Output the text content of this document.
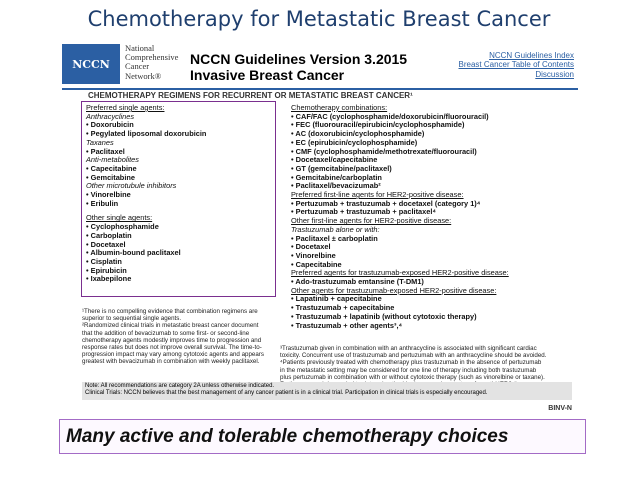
Chemotherapy for Metastatic Breast Cancer
NCCN
National
Comprehensive
Cancer
Network®
NCCN Guidelines Version 3.2015
Invasive Breast Cancer
NCCN Guidelines Index
Breast Cancer Table of Contents
Discussion
CHEMOTHERAPY REGIMENS FOR RECURRENT OR METASTATIC BREAST CANCER¹
Preferred single agents:
Anthracyclines
• Doxorubicin
• Pegylated liposomal doxorubicin
Taxanes
• Paclitaxel
Anti-metabolites
• Capecitabine
• Gemcitabine
Other microtubule inhibitors
• Vinorelbine
• Eribulin
Other single agents:
• Cyclophosphamide
• Carboplatin
• Docetaxel
• Albumin-bound paclitaxel
• Cisplatin
• Epirubicin
• Ixabepilone
Chemotherapy combinations:
• CAF/FAC (cyclophosphamide/doxorubicin/fluorouracil)
• FEC (fluorouracil/epirubicin/cyclophosphamide)
• AC (doxorubicin/cyclophosphamide)
• EC (epirubicin/cyclophosphamide)
• CMF (cyclophosphamide/methotrexate/fluorouracil)
• Docetaxel/capecitabine
• GT (gemcitabine/paclitaxel)
• Gemcitabine/carboplatin
• Paclitaxel/bevacizumab²
Preferred first-line agents for HER2-positive disease:
• Pertuzumab + trastuzumab + docetaxel (category 1)⁴
• Pertuzumab + trastuzumab + paclitaxel⁴
Other first-line agents for HER2-positive disease:
Trastuzumab alone or with:
• Paclitaxel ± carboplatin
• Docetaxel
• Vinorelbine
• Capecitabine
Preferred agents for trastuzumab-exposed HER2-positive disease:
• Ado-trastuzumab emtansine (T-DM1)
Other agents for trastuzumab-exposed HER2-positive disease:
• Lapatinib + capecitabine
• Trastuzumab + capecitabine
• Trastuzumab + lapatinib (without cytotoxic therapy)
• Trastuzumab + other agents³,⁴
¹There is no compelling evidence that combination regimens are
superior to sequential single agents.
²Randomized clinical trials in metastatic breast cancer document
that the addition of bevacizumab to some first- or second-line
chemotherapy agents modestly improves time to progression and
response rates but does not improve overall survival. The time-to-
progression impact may vary among cytotoxic agents and appears
greatest with bevacizumab in combination with weekly paclitaxel.
³Trastuzumab given in combination with an anthracycline is associated with significant cardiac
toxicity. Concurrent use of trastuzumab and pertuzumab with an anthracycline should be avoided.
⁴Patients previously treated with chemotherapy plus trastuzumab in the absence of pertuzumab
in the metastatic setting may be considered for one line of therapy including both trastuzumab
plus pertuzumab in combination with or without cytotoxic therapy (such as vinorelbine or taxane).
Note: All recommendations are category 2A unless otherwise indicated.
Clinical Trials: NCCN believes that the best management of any cancer patient is in a clinical trial. Participation in clinical trials is especially encouraged.
BINV-N
Many active and tolerable chemotherapy choices
